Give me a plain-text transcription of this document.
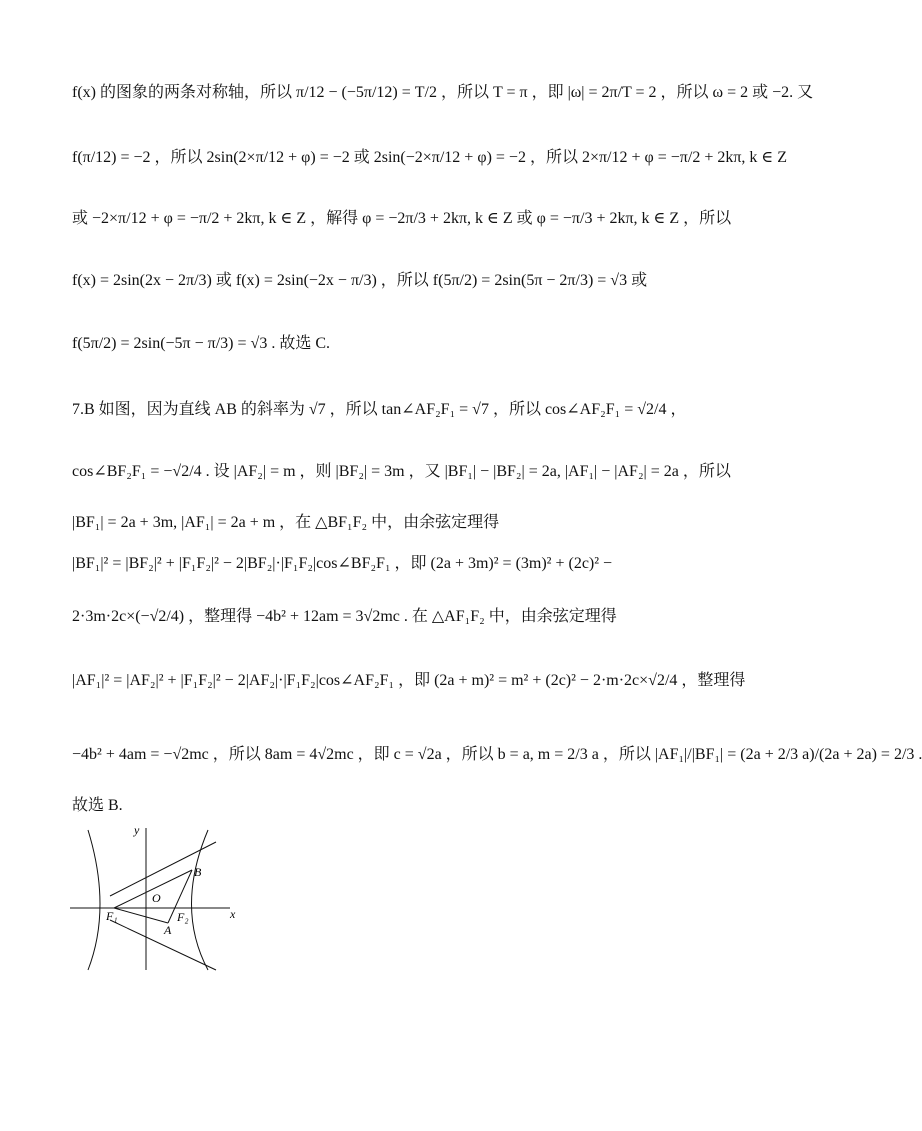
f(x) 的图象的两条对称轴，所以 π/12 − (−5π/12) = T/2 ，所以 T = π ，即 |ω| = 2π/T = 2 ，所以 ω = 2 或 −2. 又
f(π/12) = −2 ，所以 2sin(2×π/12 + φ) = −2 或 2sin(−2×π/12 + φ) = −2 ，所以 2×π/12 + φ = −π/2 + 2kπ, k ∈ Z
或 −2×π/12 + φ = −π/2 + 2kπ, k ∈ Z ，解得 φ = −2π/3 + 2kπ, k ∈ Z 或 φ = −π/3 + 2kπ, k ∈ Z ，所以
f(x) = 2sin(2x − 2π/3) 或 f(x) = 2sin(−2x − π/3) ，所以 f(5π/2) = 2sin(5π − 2π/3) = √3 或
f(5π/2) = 2sin(−5π − π/3) = √3 . 故选 C.
7.B 如图，因为直线 AB 的斜率为 √7 ，所以 tan∠AF₂F₁ = √7 ，所以 cos∠AF₂F₁ = √2/4 ，
cos∠BF₂F₁ = −√2/4 . 设 |AF₂| = m ，则 |BF₂| = 3m ，又 |BF₁| − |BF₂| = 2a, |AF₁| − |AF₂| = 2a ，所以
|BF₁| = 2a + 3m, |AF₁| = 2a + m ，在 △BF₁F₂ 中，由余弦定理得
|BF₁|² = |BF₂|² + |F₁F₂|² − 2|BF₂|·|F₁F₂|cos∠BF₂F₁ ，即 (2a + 3m)² = (3m)² + (2c)² −
2·3m·2c×(−√2/4) ，整理得 −4b² + 12am = 3√2mc . 在 △AF₁F₂ 中，由余弦定理得
|AF₁|² = |AF₂|² + |F₁F₂|² − 2|AF₂|·|F₁F₂|cos∠AF₂F₁ ，即 (2a + m)² = m² + (2c)² − 2·m·2c×√2/4 ，整理得
−4b² + 4am = −√2mc ，所以 8am = 4√2mc ，即 c = √2a ，所以 b = a, m = 2/3 a ，所以 |AF₁|/|BF₁| = (2a + 2/3 a)/(2a + 2a) = 2/3 .
故选 B.
y
x
O
B
F₁	F₂
A
